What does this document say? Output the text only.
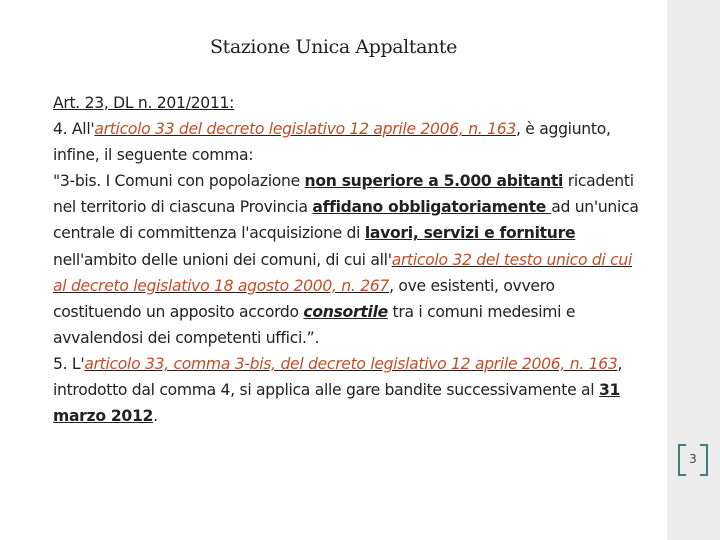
Stazione Unica Appaltante

Art. 23, DL n. 201/2011:

4. All'articolo 33 del decreto legislativo 12 aprile 2006, n. 163, è aggiunto, infine, il seguente comma:

"3-bis. I Comuni con popolazione non superiore a 5.000 abitanti ricadenti nel territorio di ciascuna Provincia affidano obbligatoriamente ad un'unica centrale di committenza l'acquisizione di lavori, servizi e forniture nell'ambito delle unioni dei comuni, di cui all'articolo 32 del testo unico di cui al decreto legislativo 18 agosto 2000, n. 267, ove esistenti, ovvero costituendo un apposito accordo consortile tra i comuni medesimi e avvalendosi dei competenti uffici.”.

5. L'articolo 33, comma 3-bis, del decreto legislativo 12 aprile 2006, n. 163, introdotto dal comma 4, si applica alle gare bandite successivamente al 31 marzo 2012.

3
